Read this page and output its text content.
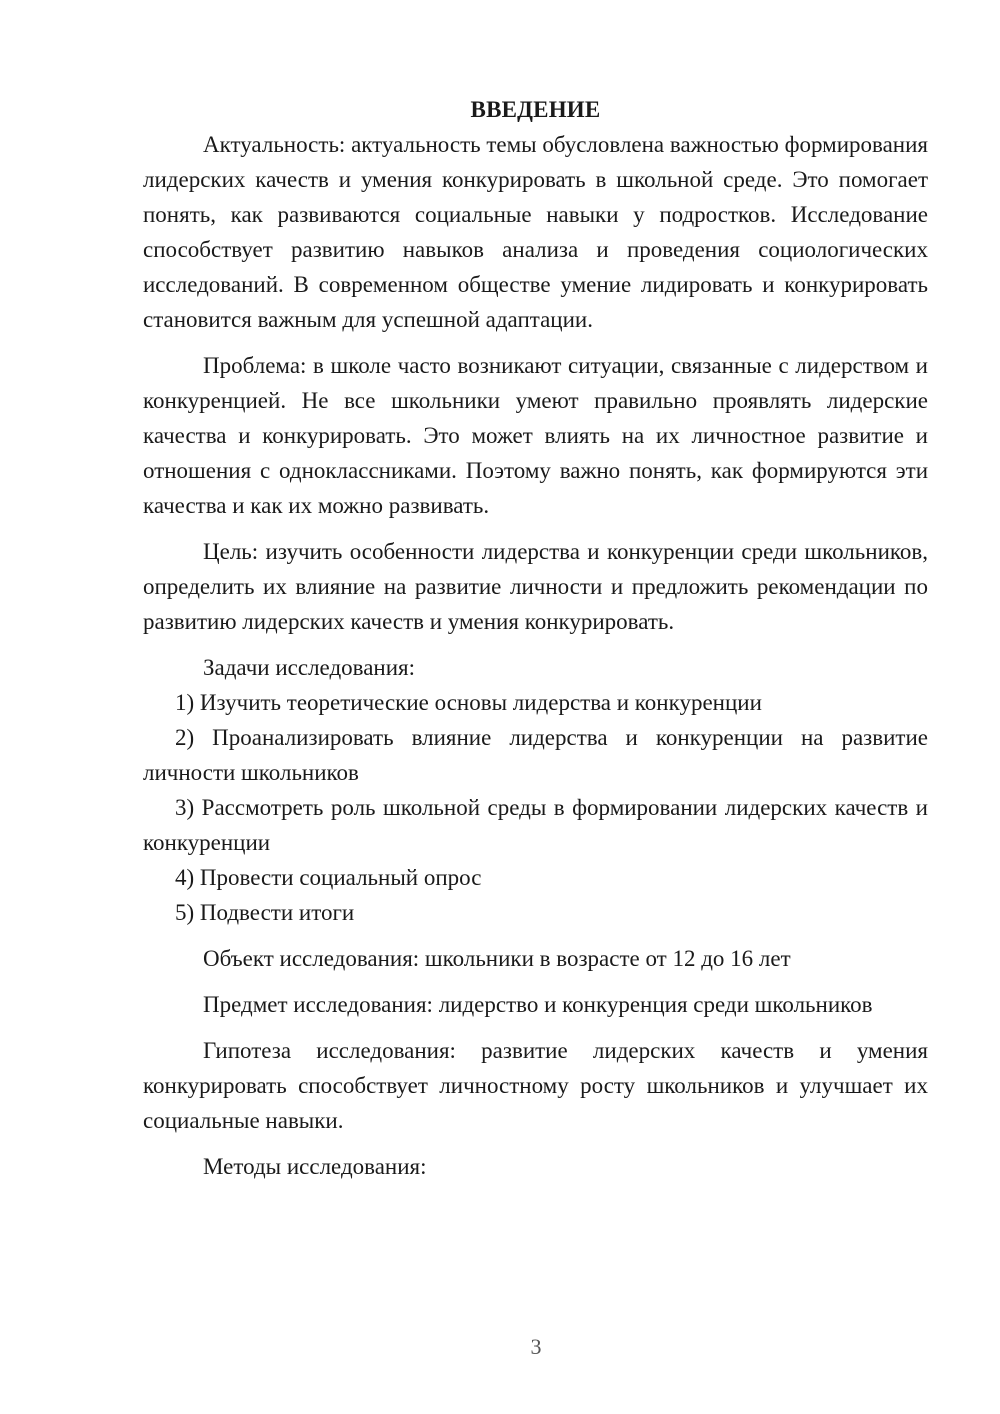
ВВЕДЕНИЕ

Актуальность: актуальность темы обусловлена важностью формирования лидерских качеств и умения конкурировать в школьной среде. Это помогает понять, как развиваются социальные навыки у подростков. Исследование способствует развитию навыков анализа и проведения социологических исследований. В современном обществе умение лидировать и конкурировать становится важным для успешной адаптации.

Проблема: в школе часто возникают ситуации, связанные с лидерством и конкуренцией. Не все школьники умеют правильно проявлять лидерские качества и конкурировать. Это может влиять на их личностное развитие и отношения с одноклассниками. Поэтому важно понять, как формируются эти качества и как их можно развивать.

Цель: изучить особенности лидерства и конкуренции среди школьников, определить их влияние на развитие личности и предложить рекомендации по развитию лидерских качеств и умения конкурировать.

Задачи исследования:

1) Изучить теоретические основы лидерства и конкуренции

2) Проанализировать влияние лидерства и конкуренции на развитие личности школьников

3) Рассмотреть роль школьной среды в формировании лидерских качеств и конкуренции

4) Провести социальный опрос

5) Подвести итоги

Объект исследования: школьники в возрасте от 12 до 16 лет

Предмет исследования: лидерство и конкуренция среди школьников

Гипотеза исследования: развитие лидерских качеств и умения конкурировать способствует личностному росту школьников и улучшает их социальные навыки.

Методы исследования:

3
